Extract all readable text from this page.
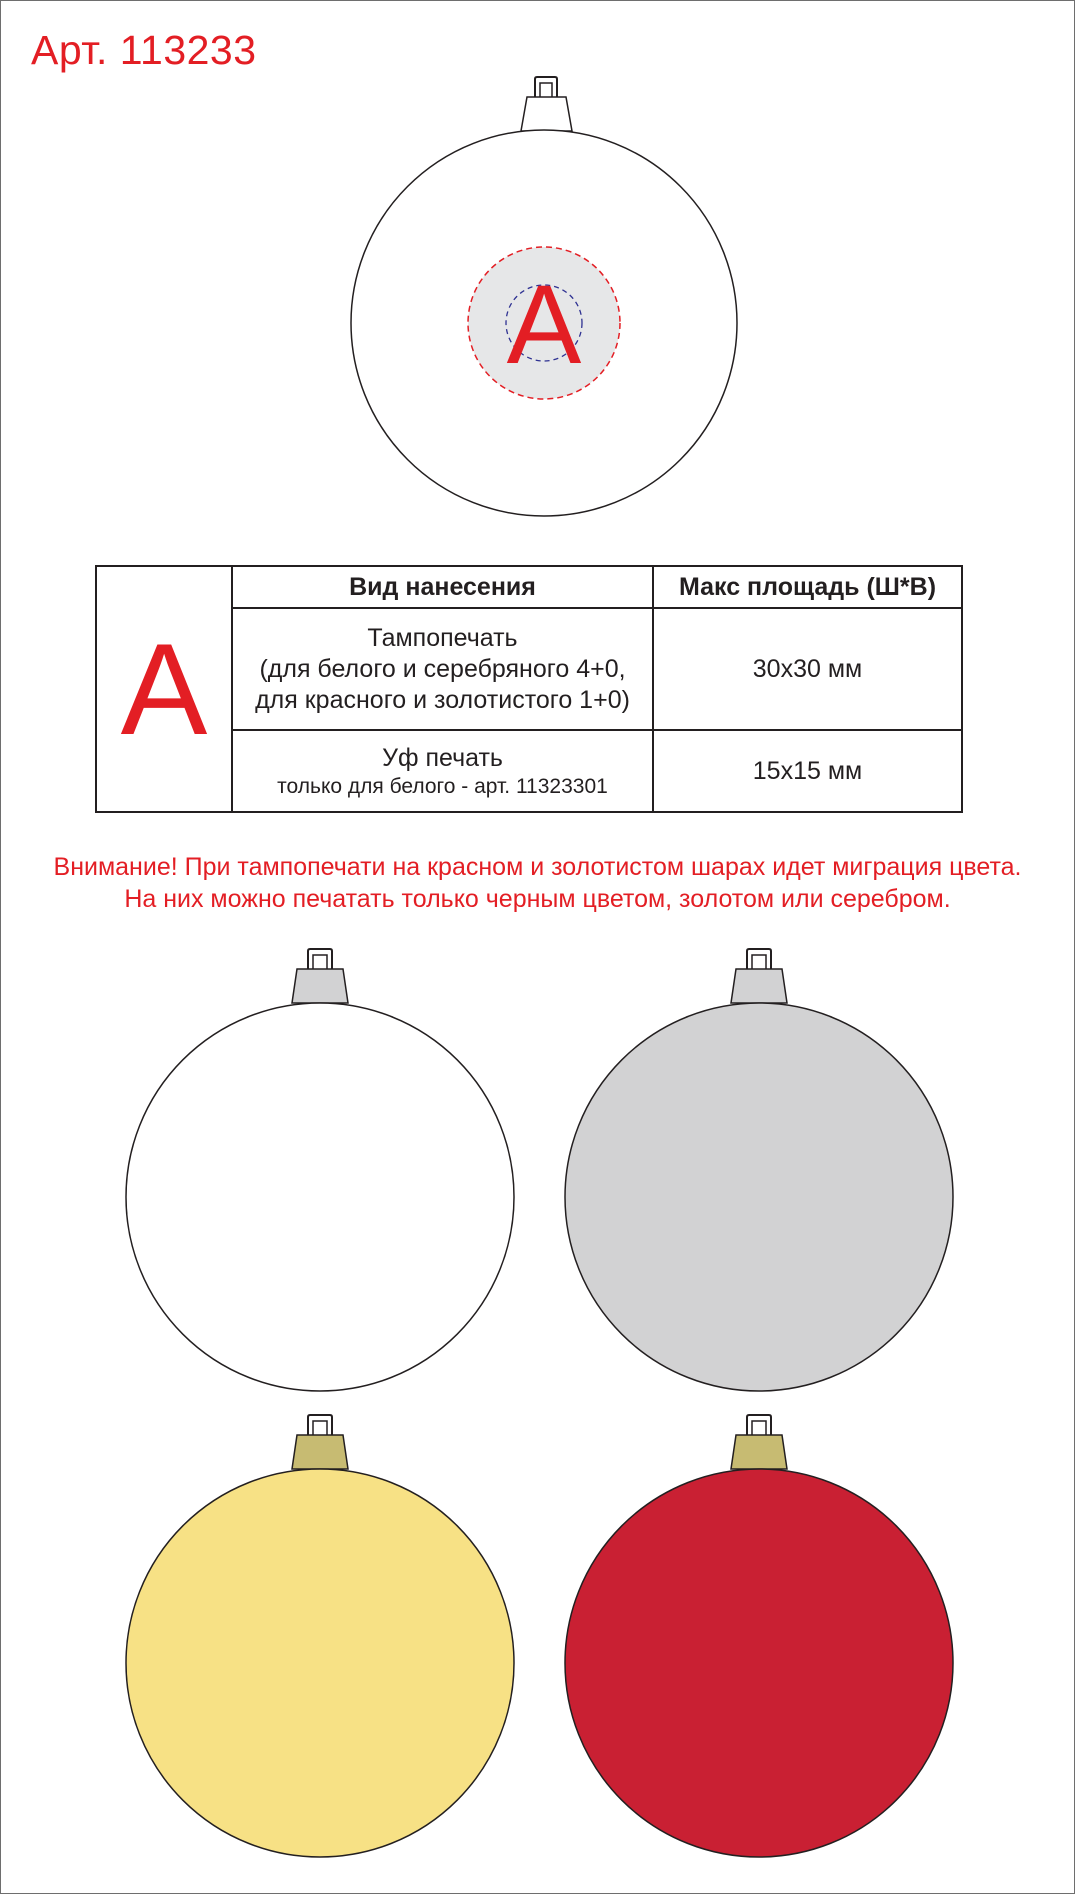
Арт. 113233
A
A	Вид нанесения	Макс площадь (Ш*В)

	Тампопечать
(для белого и серебряного 4+0,
для красного и золотистого 1+0)	30x30 мм

	Уф печать
только для белого - арт. 11323301	15x15 мм
Внимание! При тампопечати на красном и золотистом шарах идет миграция цвета.
На них можно печатать только черным цветом, золотом или серебром.
